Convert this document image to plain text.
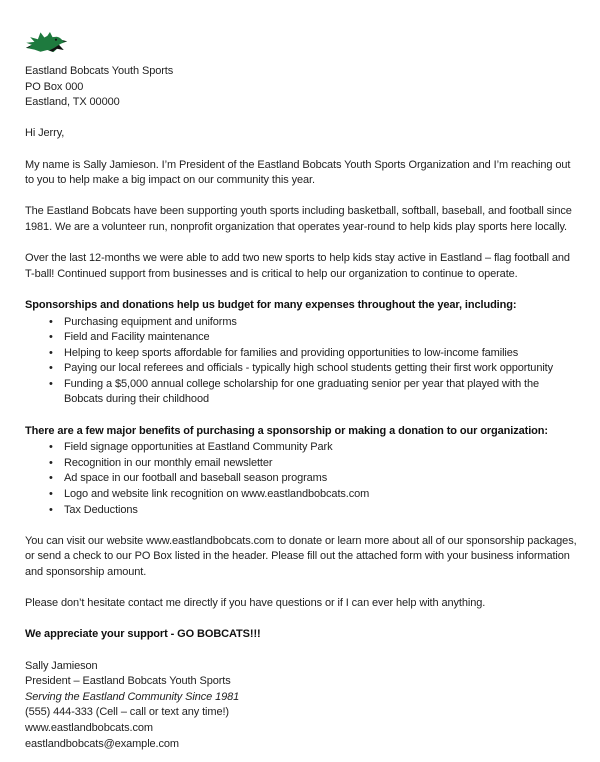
Eastland Bobcats Youth Sports
PO Box 000
Eastland, TX 00000

Hi Jerry,

My name is Sally Jamieson. I’m President of the Eastland Bobcats Youth Sports Organization and I’m reaching out to you to help make a big impact on our community this year.

The Eastland Bobcats have been supporting youth sports including basketball, softball, baseball, and football since 1981. We are a volunteer run, nonprofit organization that operates year-round to help kids play sports here locally.

Over the last 12-months we were able to add two new sports to help kids stay active in Eastland – flag football and T-ball! Continued support from businesses and is critical to help our organization to continue to operate.

Sponsorships and donations help us budget for many expenses throughout the year, including:

• Purchasing equipment and uniforms
• Field and Facility maintenance
• Helping to keep sports affordable for families and providing opportunities to low-income families
• Paying our local referees and officials - typically high school students getting their first work opportunity
• Funding a $5,000 annual college scholarship for one graduating senior per year that played with the Bobcats during their childhood

There are a few major benefits of purchasing a sponsorship or making a donation to our organization:

• Field signage opportunities at Eastland Community Park
• Recognition in our monthly email newsletter
• Ad space in our football and baseball season programs
• Logo and website link recognition on www.eastlandbobcats.com
• Tax Deductions

You can visit our website www.eastlandbobcats.com to donate or learn more about all of our sponsorship packages, or send a check to our PO Box listed in the header. Please fill out the attached form with your business information and sponsorship amount.

Please don’t hesitate contact me directly if you have questions or if I can ever help with anything.

We appreciate your support - GO BOBCATS!!!

Sally Jamieson
President – Eastland Bobcats Youth Sports
Serving the Eastland Community Since 1981
(555) 444-333 (Cell – call or text any time!)
www.eastlandbobcats.com
eastlandbobcats@example.com
